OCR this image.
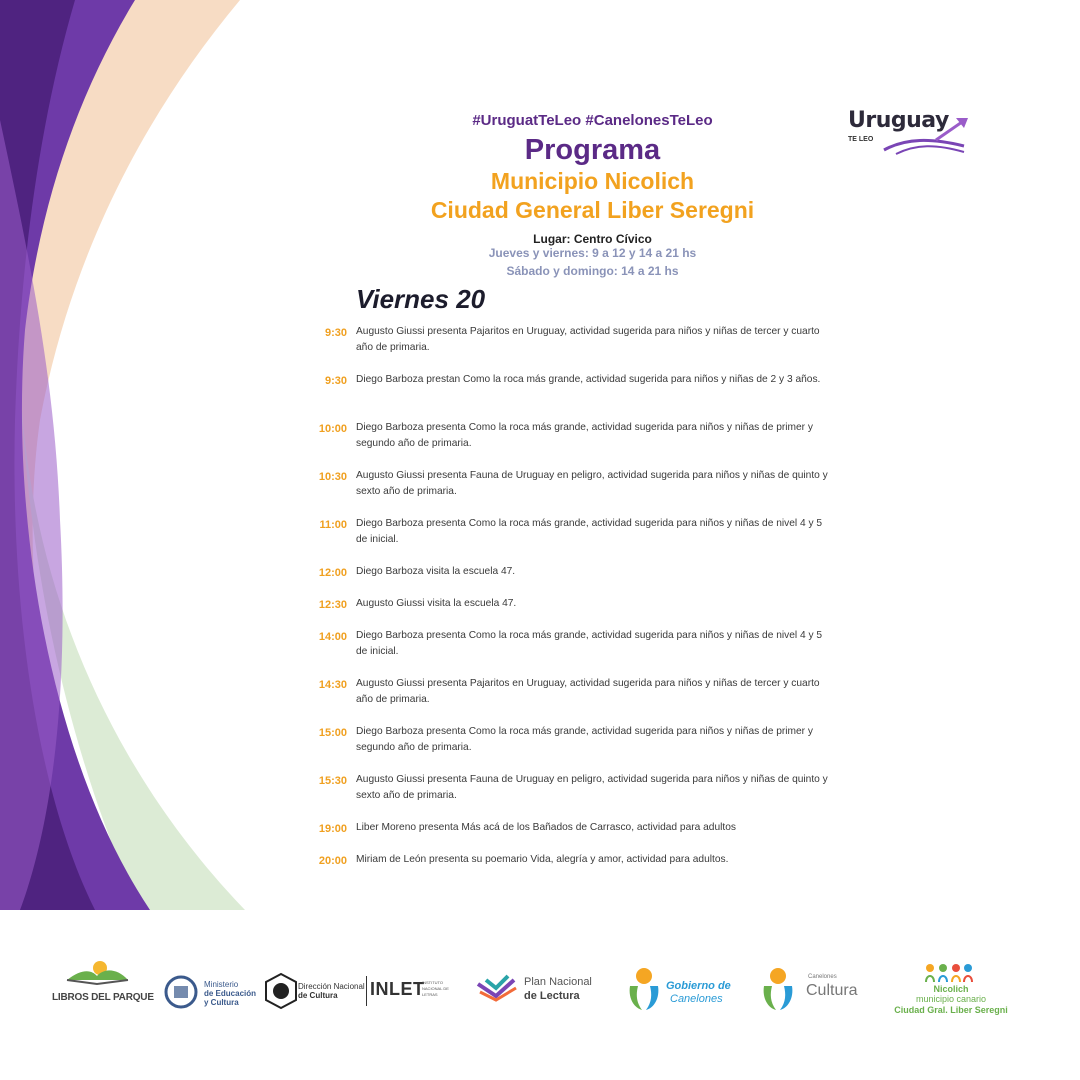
#UruguatTeLeo #CanelonesTeLeo
Programa
Municipio Nicolich
Ciudad General Liber Seregni
Lugar: Centro Cívico
Jueves y viernes: 9 a 12 y 14 a 21 hs
Sábado y domingo: 14 a 21 hs
Uruguay
TE LEO
Viernes 20
9:30 Augusto Giussi presenta Pajaritos en Uruguay, actividad sugerida para niños y niñas de tercer y cuarto año de primaria.
9:30 Diego Barboza prestan Como la roca más grande, actividad sugerida para niños y niñas de 2 y 3 años.
10:00 Diego Barboza presenta Como la roca más grande, actividad sugerida para niños y niñas de primer y segundo año de primaria.
10:30 Augusto Giussi presenta Fauna de Uruguay en peligro, actividad sugerida para niños y niñas de quinto y sexto año de primaria.
11:00 Diego Barboza presenta Como la roca más grande, actividad sugerida para niños y niñas de nivel 4 y 5 de inicial.
12:00 Diego Barboza visita la escuela 47.
12:30 Augusto Giussi visita la escuela 47.
14:00 Diego Barboza presenta Como la roca más grande, actividad sugerida para niños y niñas de nivel 4 y 5 de inicial.
14:30 Augusto Giussi presenta Pajaritos en Uruguay, actividad sugerida para niños y niñas de tercer y cuarto año de primaria.
15:00 Diego Barboza presenta Como la roca más grande, actividad sugerida para niños y niñas de primer y segundo año de primaria.
15:30 Augusto Giussi presenta Fauna de Uruguay en peligro, actividad sugerida para niños y niñas de quinto y sexto año de primaria.
19:00 Liber Moreno presenta Más acá de los Bañados de Carrasco, actividad para adultos
20:00 Miriam de León presenta su poemario Vida, alegría y amor, actividad para adultos.
LIBROS DEL PARQUE
Ministerio
de Educación
y Cultura
Dirección Nacional
de Cultura INLET
INSTITUTO NACIONAL DE LETRAS
Plan Nacional
de Lectura
Gobierno de
Canelones
Canelones
Cultura	Nicolich
municipio canario
Ciudad Gral. Liber Seregni
